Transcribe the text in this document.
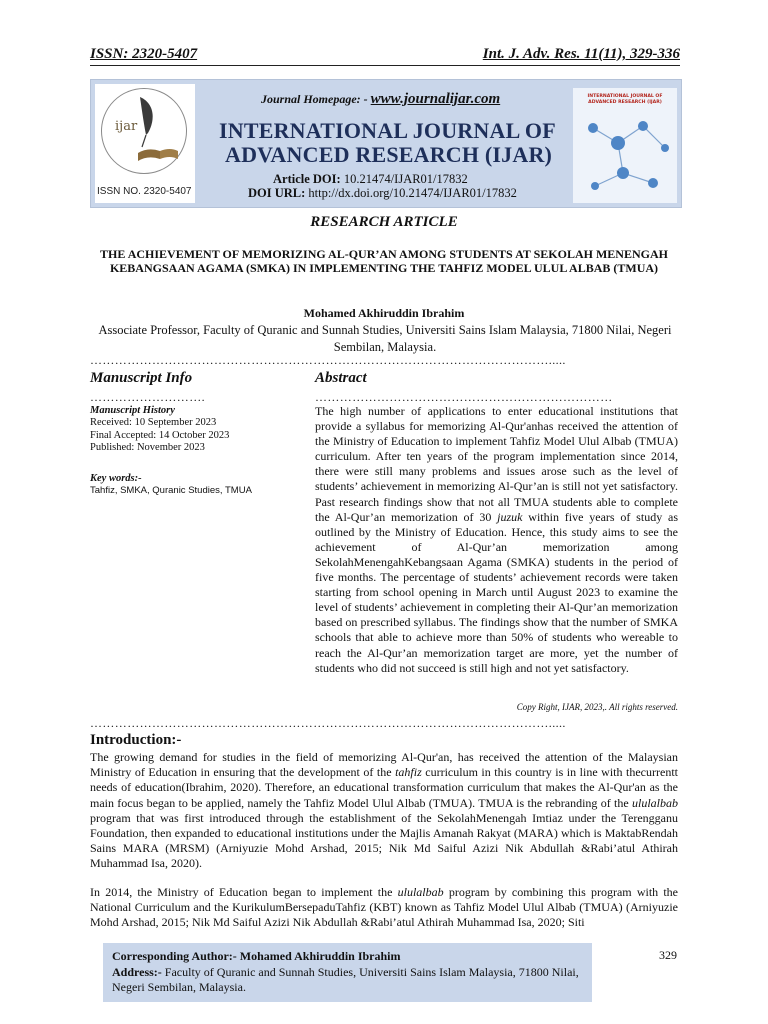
ISSN: 2320-5407	Int. J. Adv. Res. 11(11), 329-336
ijar
ISSN NO. 2320-5407
Journal Homepage: - www.journalijar.com
INTERNATIONAL JOURNAL OF
ADVANCED RESEARCH (IJAR)
Article DOI: 10.21474/IJAR01/17832
DOI URL: http://dx.doi.org/10.21474/IJAR01/17832
INTERNATIONAL JOURNAL OF
ADVANCED RESEARCH (IJAR)
RESEARCH ARTICLE
THE ACHIEVEMENT OF MEMORIZING AL-QUR’AN AMONG STUDENTS AT SEKOLAH MENENGAH KEBANGSAAN AGAMA (SMKA) IN IMPLEMENTING THE TAHFIZ MODEL ULUL ALBAB (TMUA)
Mohamed Akhiruddin Ibrahim
Associate Professor, Faculty of Quranic and Sunnah Studies, Universiti Sains Islam Malaysia, 71800 Nilai, Negeri Sembilan, Malaysia.
………………………………………………………………………………………………….....
Manuscript Info
……………………….
Manuscript History
Received: 10 September 2023
Final Accepted: 14 October 2023
Published: November 2023
Key words:-
Tahfiz, SMKA, Quranic Studies, TMUA
Abstract
………………………………………………………………
The high number of applications to enter educational institutions that provide a syllabus for memorizing Al-Qur'anhas received the attention of the Ministry of Education to implement Tahfiz Model Ulul Albab (TMUA) curriculum. After ten years of the program implementation since 2014, there were still many problems and issues arose such as the level of students’ achievement in memorizing Al-Qur’an is still not yet satisfactory. Past research findings show that not all TMUA students able to complete the Al-Qur’an memorization of 30 juzuk within five years of study as outlined by the Ministry of Education. Hence, this study aims to see the achievement of Al-Qur’an memorization among SekolahMenengahKebangsaan Agama (SMKA) students in the period of five months. The percentage of students’ achievement records were taken starting from school opening in March until August 2023 to examine the level of students’ achievement in completing their Al-Qur’an memorization based on prescribed syllabus. The findings show that the number of SMKA schools that able to achieve more than 50% of students who wereable to reach the Al-Qur’an memorization target are more, yet the number of students who did not succeed is still high and not yet satisfactory.
Copy Right, IJAR, 2023,. All rights reserved.
………………………………………………………………………………………………….....
Introduction:-
The growing demand for studies in the field of memorizing Al-Qur'an, has received the attention of the Malaysian Ministry of Education in ensuring that the development of the tahfiz curriculum in this country is in line with thecurrentt needs of education(Ibrahim, 2020). Therefore, an educational transformation curriculum that makes the Al-Qur'an as the main focus began to be applied, namely the Tahfiz Model Ulul Albab (TMUA). TMUA is the rebranding of the ululalbab program that was first introduced through the establishment of the SekolahMenengah Imtiaz under the Terengganu Foundation, then expanded to educational institutions under the Majlis Amanah Rakyat (MARA) which is MaktabRendah Sains MARA (MRSM) (Arniyuzie Mohd Arshad, 2015; Nik Md Saiful Azizi Nik Abdullah &Rabi’atul Athirah Muhammad Isa, 2020).
In 2014, the Ministry of Education began to implement the ululalbab program by combining this program with the National Curriculum and the KurikulumBersepaduTahfiz (KBT) known as Tahfiz Model Ulul Albab (TMUA) (Arniyuzie Mohd Arshad, 2015; Nik Md Saiful Azizi Nik Abdullah &Rabi’atul Athirah Muhammad Isa, 2020; Siti
Corresponding Author:- Mohamed Akhiruddin Ibrahim
Address:- Faculty of Quranic and Sunnah Studies, Universiti Sains Islam Malaysia, 71800 Nilai, Negeri Sembilan, Malaysia.
329
